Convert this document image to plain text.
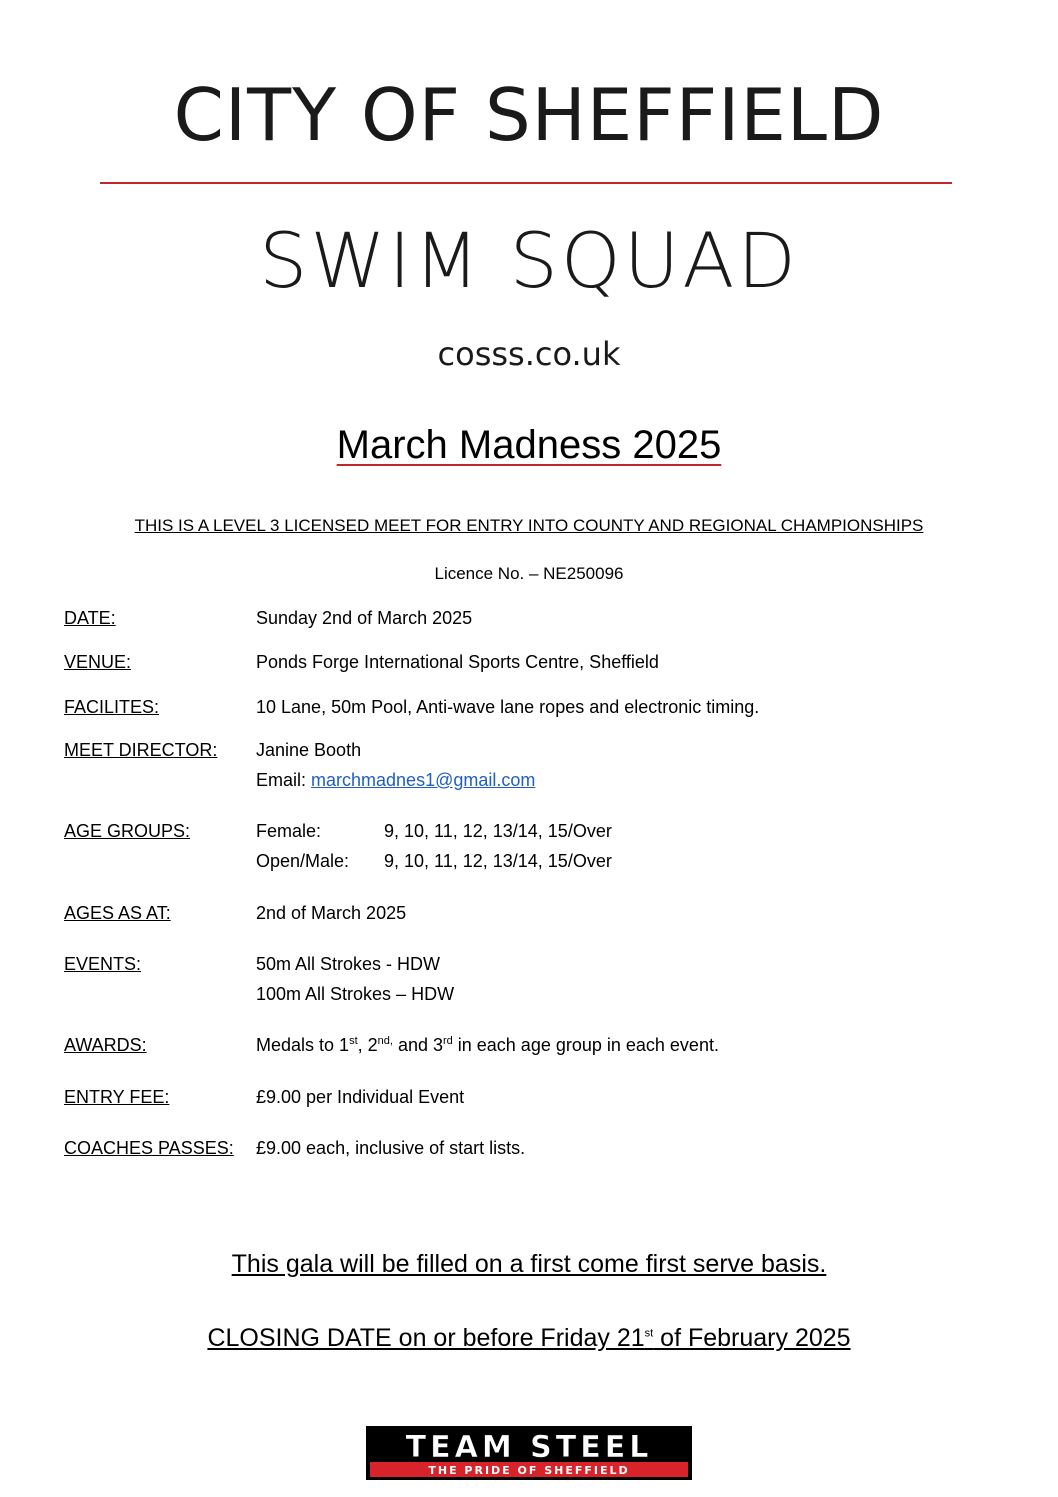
CITY OF SHEFFIELD
SWIM SQUAD
cosss.co.uk
March Madness 2025
THIS IS A LEVEL 3 LICENSED MEET FOR ENTRY INTO COUNTY AND REGIONAL CHAMPIONSHIPS
Licence No. – NE250096
DATE:	Sunday 2nd of March 2025
VENUE:	Ponds Forge International Sports Centre, Sheffield
FACILITES:	10 Lane, 50m Pool, Anti-wave lane ropes and electronic timing.
MEET DIRECTOR: Janine Booth
Email: marchmadnes1@gmail.com
AGE GROUPS:	Female:	9, 10, 11, 12, 13/14, 15/Over
Open/Male: 9, 10, 11, 12, 13/14, 15/Over
AGES AS AT:	2nd of March 2025
EVENTS:	50m All Strokes - HDW
100m All Strokes – HDW
AWARDS:	Medals to 1st, $2^{nd,}$ and 3rd in each age group in each event.
ENTRY FEE:	£9.00 per Individual Event
COACHES PASSES: £9.00 each, inclusive of start lists.
This gala will be filled on a first come first serve basis.
CLOSING DATE on or before Friday 21st of February 2025
TEAM STEEL
THE PRIDE OF SHEFFIELD
